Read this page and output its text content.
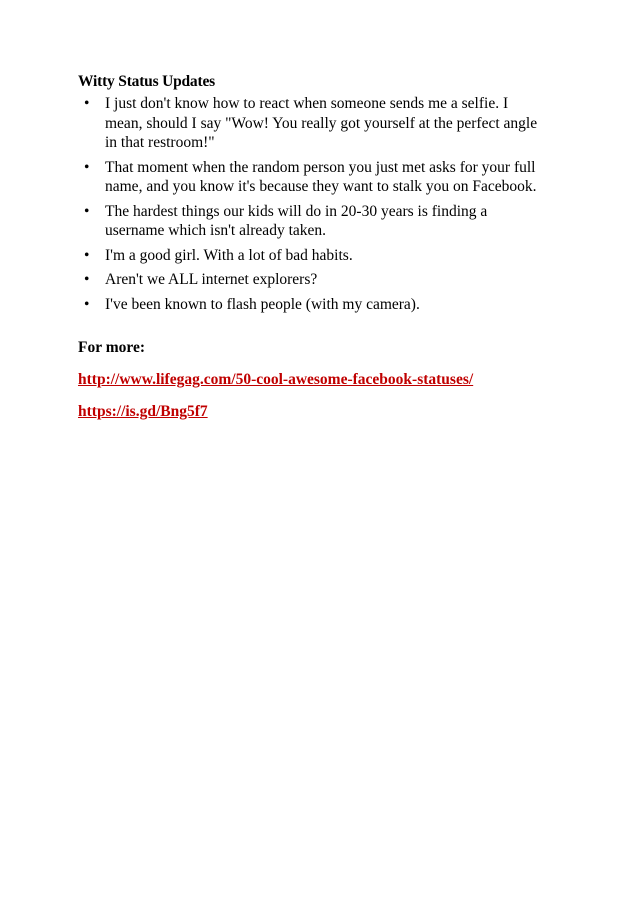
Witty Status Updates
• I just don't know how to react when someone sends me a selfie. I mean, should I say "Wow! You really got yourself at the perfect angle in that restroom!"
• That moment when the random person you just met asks for your full name, and you know it's because they want to stalk you on Facebook.
• The hardest things our kids will do in 20-30 years is finding a username which isn't already taken.
• I'm a good girl. With a lot of bad habits.
• Aren't we ALL internet explorers?
• I've been known to flash people (with my camera).
For more:
http://www.lifegag.com/50-cool-awesome-facebook-statuses/
https://is.gd/Bng5f7
